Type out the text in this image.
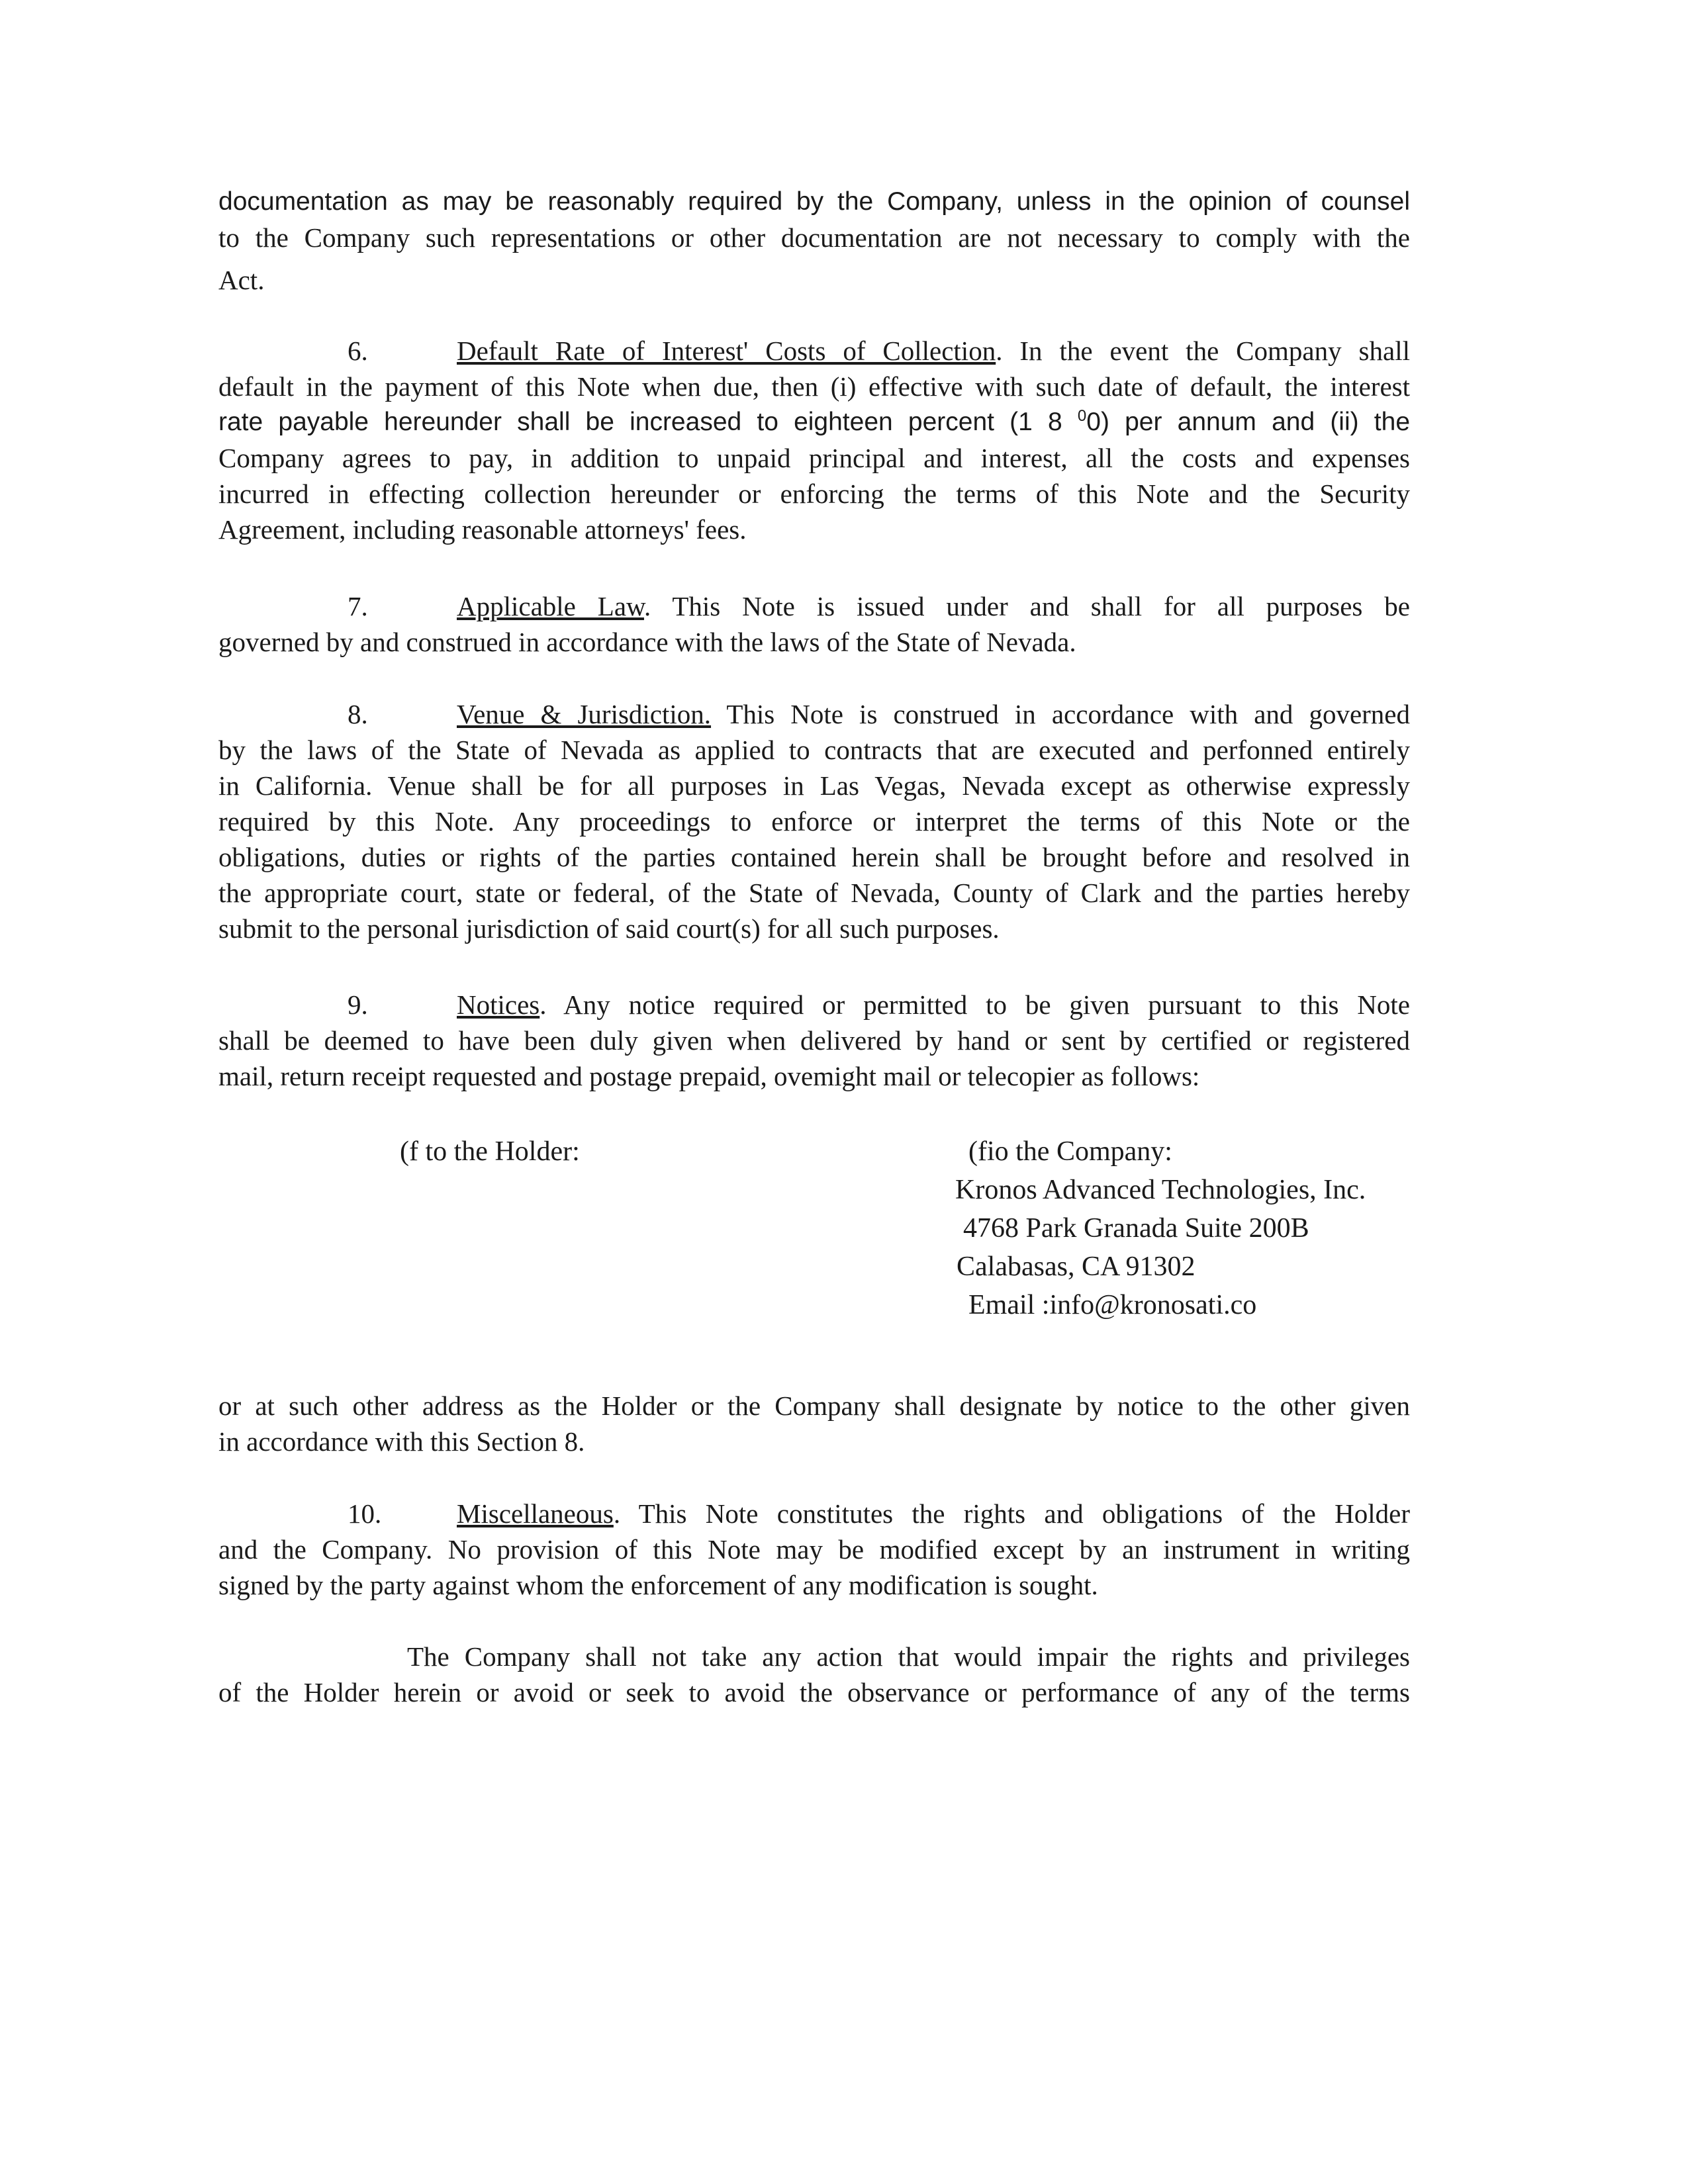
documentation as may be reasonably required by the Company, unless in the opinion of counsel
to the Company such representations or other documentation are not necessary to comply with the
Act.
6.	Default Rate of Interest' Costs of Collection. In the event the Company shall
default in the payment of this Note when due, then (i) effective with such date of default, the interest
rate payable hereunder shall be increased to eighteen percent (1 8 $^0$0) per annum and (ii) the
Company agrees to pay, in addition to unpaid principal and interest, all the costs and expenses
incurred in effecting collection hereunder or enforcing the terms of this Note and the Security
Agreement, including reasonable attorneys' fees.
7.	Applicable Law. This Note is issued under and shall for all purposes be
governed by and construed in accordance with the laws of the State of Nevada.
8.	Venue & Jurisdiction. This Note is construed in accordance with and governed
by the laws of the State of Nevada as applied to contracts that are executed and perfonned entirely
in California. Venue shall be for all purposes in Las Vegas, Nevada except as otherwise expressly
required by this Note. Any proceedings to enforce or interpret the terms of this Note or the
obligations, duties or rights of the parties contained herein shall be brought before and resolved in
the appropriate court, state or federal, of the State of Nevada, County of Clark and the parties hereby
submit to the personal jurisdiction of said court(s) for all such purposes.
9.	Notices. Any notice required or permitted to be given pursuant to this Note
shall be deemed to have been duly given when delivered by hand or sent by certified or registered
mail, return receipt requested and postage prepaid, ovemight mail or telecopier as follows:
(f to the Holder:	(fio the Company:
Kronos Advanced Technologies, Inc.
4768 Park Granada Suite 200B
Calabasas, CA 91302
Email :info@kronosati.co
or at such other address as the Holder or the Company shall designate by notice to the other given
in accordance with this Section 8.
10.	Miscellaneous. This Note constitutes the rights and obligations of the Holder
and the Company. No provision of this Note may be modified except by an instrument in writing
signed by the party against whom the enforcement of any modification is sought.
The Company shall not take any action that would impair the rights and privileges
of the Holder herein or avoid or seek to avoid the observance or performance of any of the terms
